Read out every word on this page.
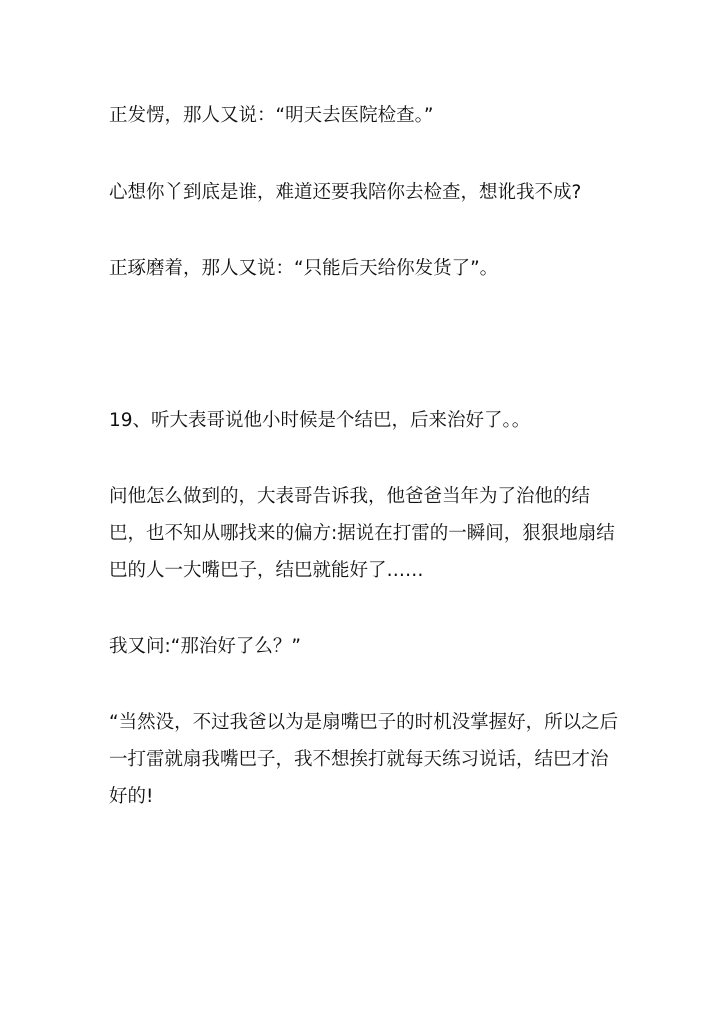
正发愣，那人又说：“明天去医院检查。”

心想你丫到底是谁，难道还要我陪你去检查，想讹我不成?

正琢磨着，那人又说：“只能后天给你发货了”。

19、听大表哥说他小时候是个结巴，后来治好了。。

问他怎么做到的，大表哥告诉我，他爸爸当年为了治他的结巴，也不知从哪找来的偏方:据说在打雷的一瞬间，狠狠地扇结巴的人一大嘴巴子，结巴就能好了……

我又问:“那治好了么？”

“当然没，不过我爸以为是扇嘴巴子的时机没掌握好，所以之后一打雷就扇我嘴巴子，我不想挨打就每天练习说话，结巴才治好的!
